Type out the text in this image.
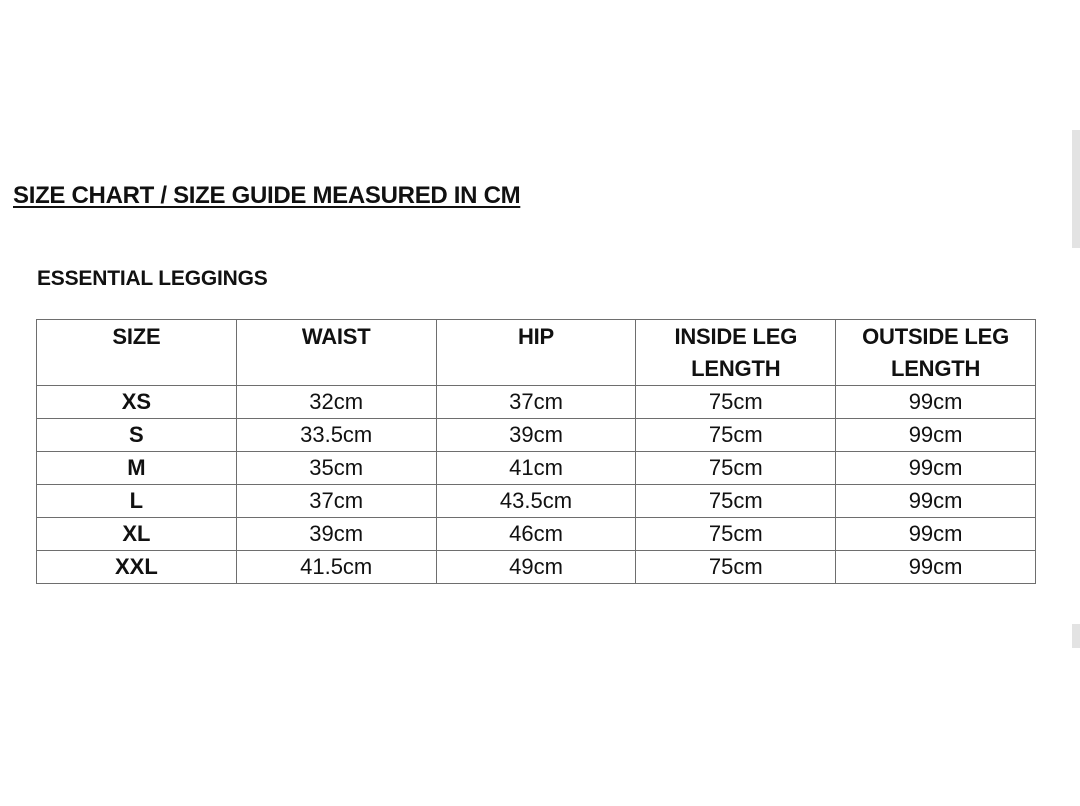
SIZE CHART / SIZE GUIDE MEASURED IN CM
ESSENTIAL LEGGINGS
SIZE	WAIST	HIP	INSIDE LEG LENGTH	OUTSIDE LEG LENGTH
XS	32cm	37cm	75cm	99cm
S	33.5cm	39cm	75cm	99cm
M	35cm	41cm	75cm	99cm
L	37cm	43.5cm	75cm	99cm
XL	39cm	46cm	75cm	99cm
XXL	41.5cm	49cm	75cm	99cm
